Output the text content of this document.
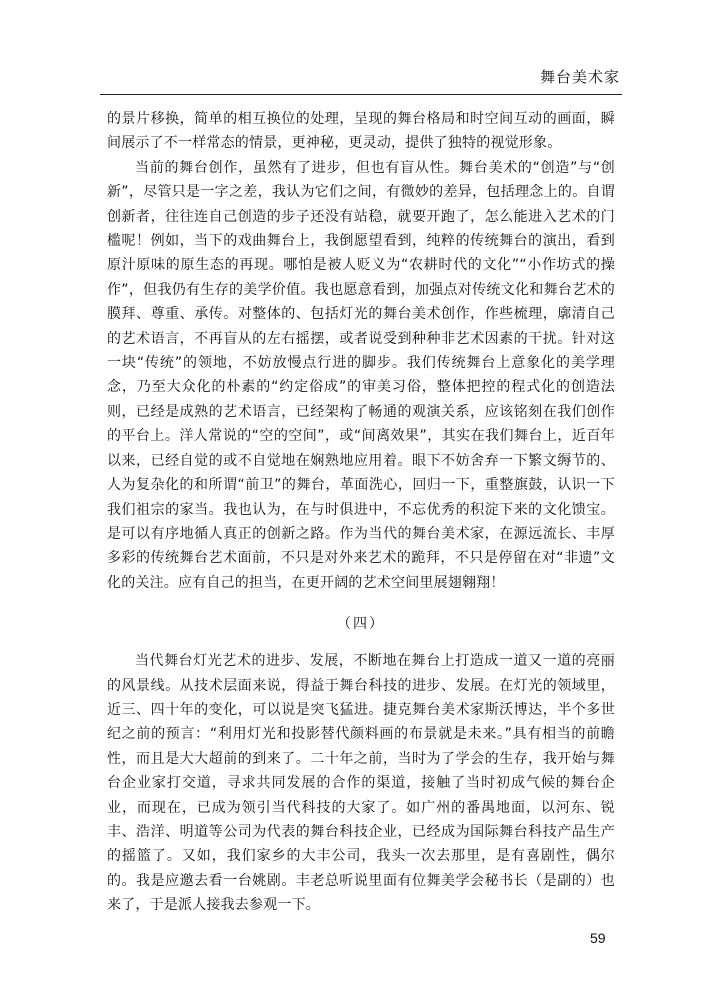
舞台美术家

的景片移换，简单的相互换位的处理，呈现的舞台格局和时空间互动的画面，瞬间展示了不一样常态的情景，更神秘，更灵动，提供了独特的视觉形象。

当前的舞台创作，虽然有了进步，但也有盲从性。舞台美术的“创造”与“创新”，尽管只是一字之差，我认为它们之间，有微妙的差异，包括理念上的。自谓创新者，往往连自己创造的步子还没有站稳，就要开跑了，怎么能进入艺术的门槛呢！例如，当下的戏曲舞台上，我倒愿望看到，纯粹的传统舞台的演出，看到原汁原味的原生态的再现。哪怕是被人贬义为“农耕时代的文化”“小作坊式的操作”，但我仍有生存的美学价值。我也愿意看到，加强点对传统文化和舞台艺术的膜拜、尊重、承传。对整体的、包括灯光的舞台美术创作，作些梳理，廓清自己的艺术语言，不再盲从的左右摇摆，或者说受到种种非艺术因素的干扰。针对这一块“传统”的领地，不妨放慢点行进的脚步。我们传统舞台上意象化的美学理念，乃至大众化的朴素的“约定俗成”的审美习俗，整体把控的程式化的创造法则，已经是成熟的艺术语言，已经架构了畅通的观演关系，应该铭刻在我们创作的平台上。洋人常说的“空的空间”，或“间离效果”，其实在我们舞台上，近百年以来，已经自觉的或不自觉地在娴熟地应用着。眼下不妨舍弃一下繁文缛节的、人为复杂化的和所谓“前卫”的舞台，革面洗心，回归一下，重整旗鼓，认识一下我们祖宗的家当。我也认为，在与时俱进中，不忘优秀的积淀下来的文化馈宝。是可以有序地循人真正的创新之路。作为当代的舞台美术家，在源远流长、丰厚多彩的传统舞台艺术面前，不只是对外来艺术的跪拜，不只是停留在对“非遗”文化的关注。应有自己的担当，在更开阔的艺术空间里展翅翱翔！

（四）

当代舞台灯光艺术的进步、发展，不断地在舞台上打造成一道又一道的亮丽的风景线。从技术层面来说，得益于舞台科技的进步、发展。在灯光的领域里，近三、四十年的变化，可以说是突飞猛进。捷克舞台美术家斯沃博达，半个多世纪之前的预言：“利用灯光和投影替代颜料画的布景就是未来。”具有相当的前瞻性，而且是大大超前的到来了。二十年之前，当时为了学会的生存，我开始与舞台企业家打交道，寻求共同发展的合作的渠道，接触了当时初成气候的舞台企业，而现在，已成为领引当代科技的大家了。如广州的番禺地面，以河东、锐丰、浩洋、明道等公司为代表的舞台科技企业，已经成为国际舞台科技产品生产的摇篮了。又如，我们家乡的大丰公司，我头一次去那里，是有喜剧性，偶尔的。我是应邀去看一台姚剧。丰老总听说里面有位舞美学会秘书长（是副的）也来了，于是派人接我去参观一下。

59
